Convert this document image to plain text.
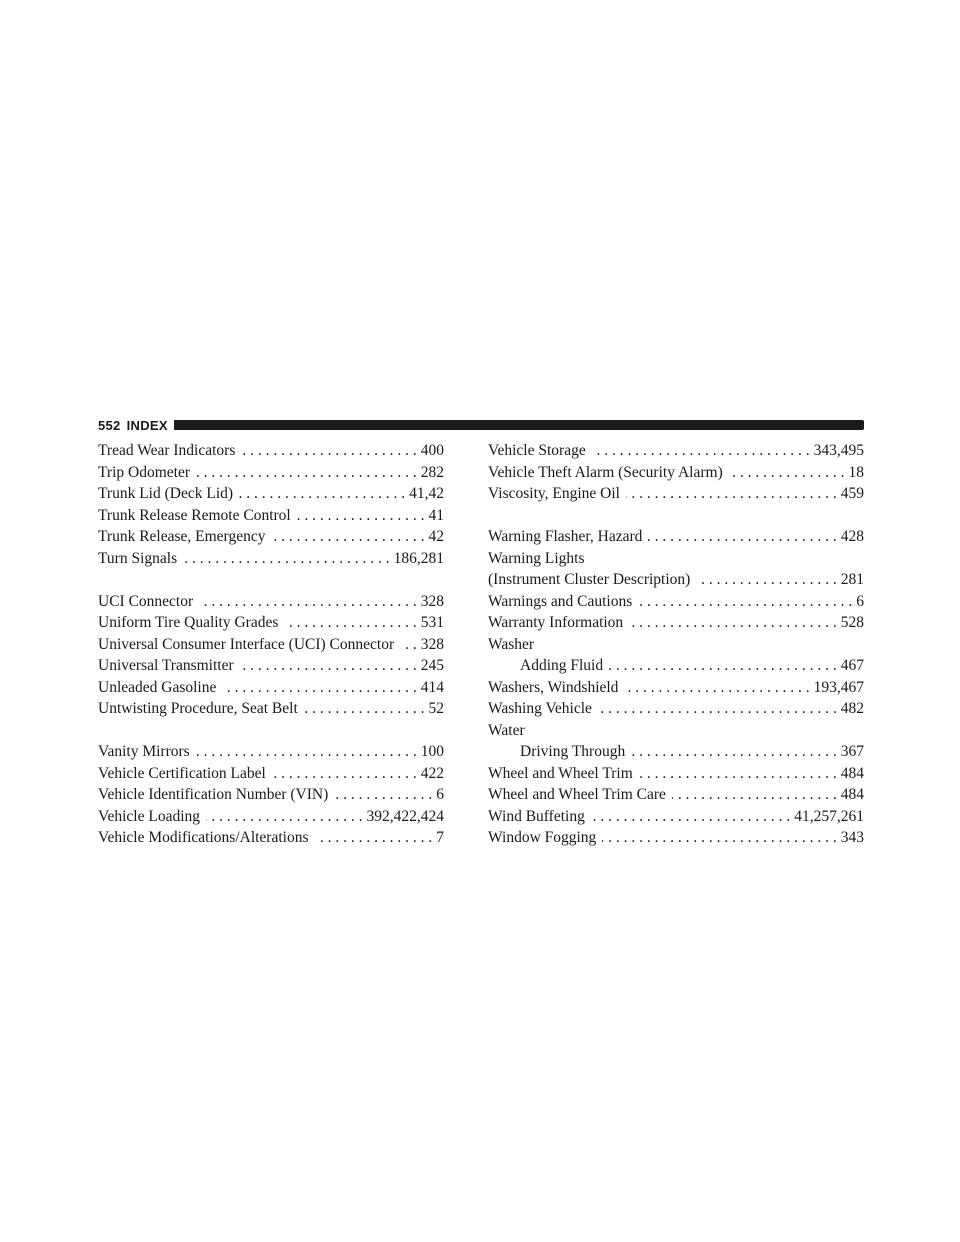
552 INDEX
Tread Wear Indicators . . .	400
Trip Odometer . . .	282
Trunk Lid (Deck Lid) . . .	41,42
Trunk Release Remote Control . . .	41
Trunk Release, Emergency . . .	42
Turn Signals . . .	186,281
UCI Connector . . .	328
Uniform Tire Quality Grades . . .	531
Universal Consumer Interface (UCI) Connector . . . 328
Universal Transmitter . . .	245
Unleaded Gasoline . . .	414
Untwisting Procedure, Seat Belt . . .	52
Vanity Mirrors . . .	100
Vehicle Certification Label . . .	422
Vehicle Identification Number (VIN) . . .	6
Vehicle Loading . . .	392,422,424
Vehicle Modifications/Alterations . . .	7
Vehicle Storage . . .	343,495
Vehicle Theft Alarm (Security Alarm) . . .	18
Viscosity, Engine Oil . . .	459
Warning Flasher, Hazard . . .	428
Warning Lights
(Instrument Cluster Description) . . .	281
Warnings and Cautions . . .	6
Warranty Information . . .	528
Washer
Adding Fluid . . .	467
Washers, Windshield . . .	193,467
Washing Vehicle . . .	482
Water
Driving Through . . .	367
Wheel and Wheel Trim . . .	484
Wheel and Wheel Trim Care . . .	484
Wind Buffeting . . .	41,257,261
Window Fogging . . .	343
